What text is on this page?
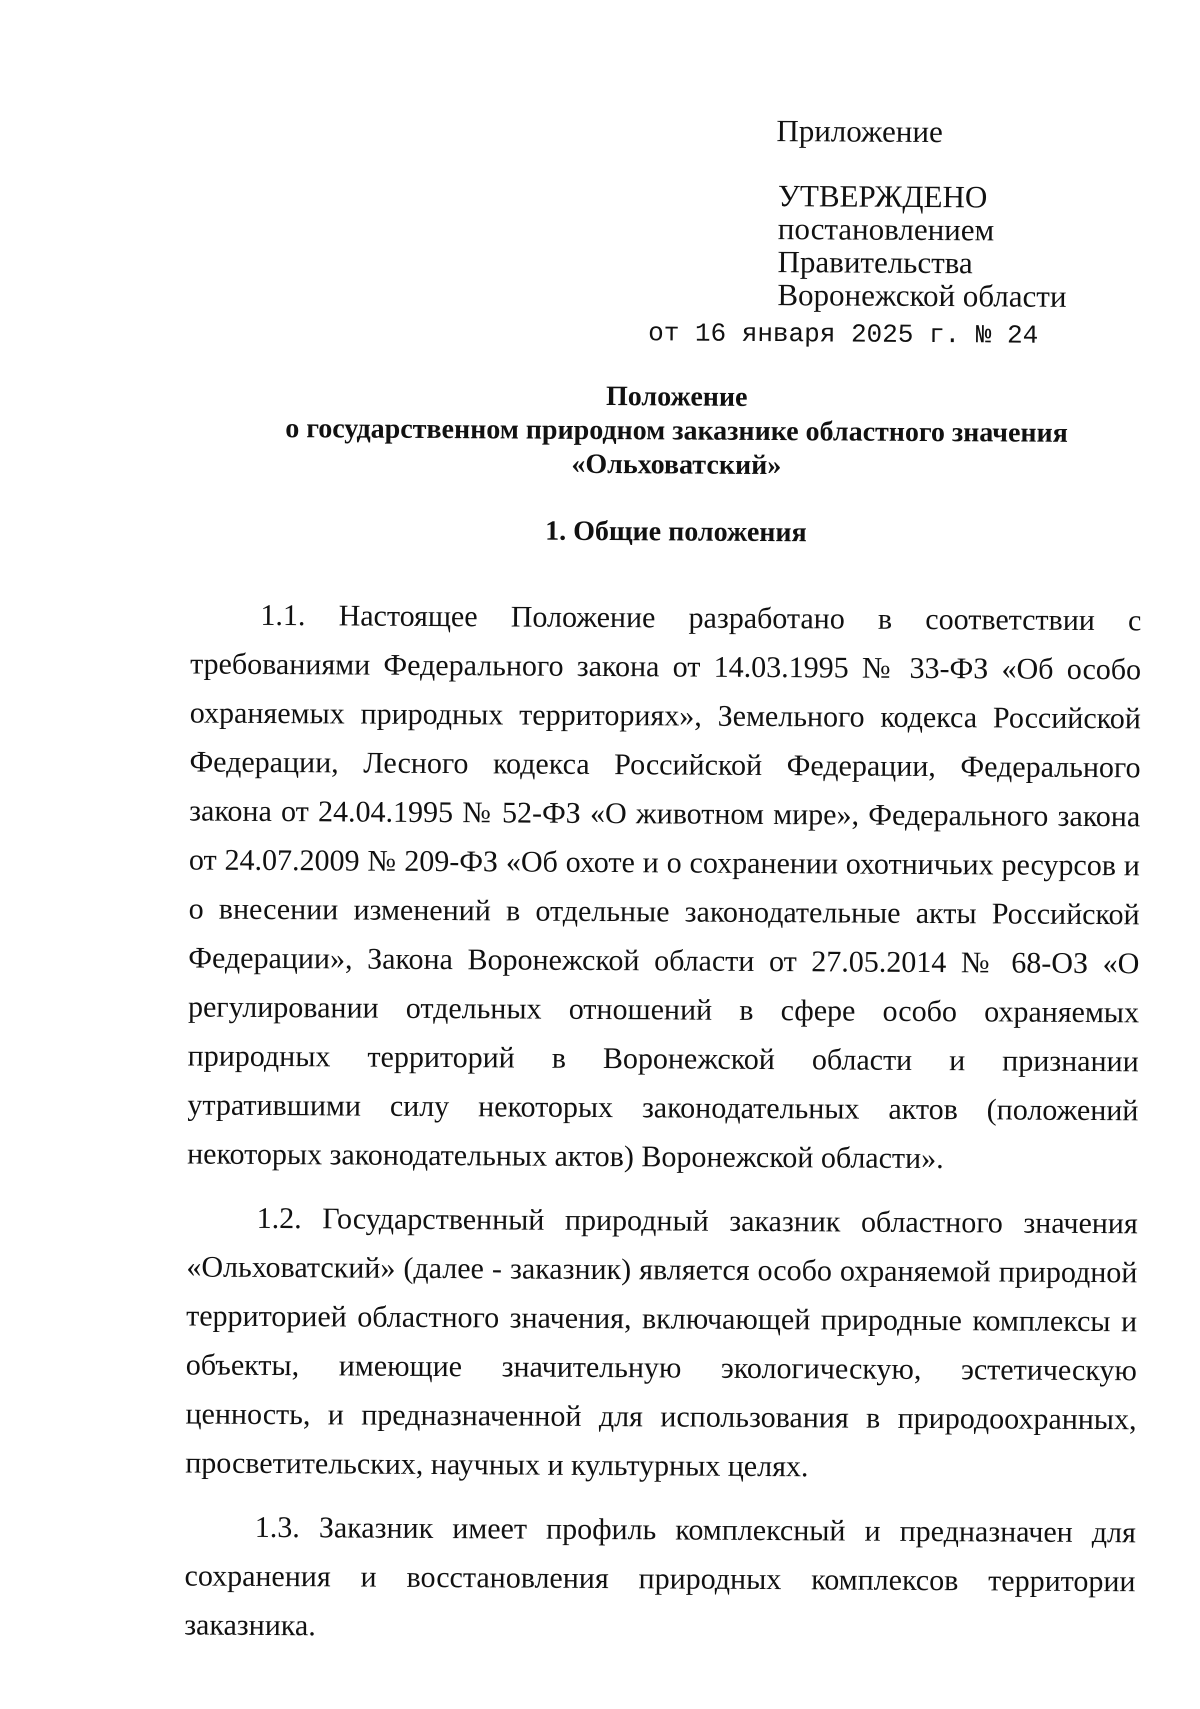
Приложение
УТВЕРЖДЕНО
постановлением
Правительства
Воронежской области
от 16 января 2025 г. № 24
Положение
о государственном природном заказнике областного значения
«Ольховатский»
1. Общие положения

1.1. Настоящее Положение разработано в соответствии с требованиями Федерального закона от 14.03.1995 № 33-ФЗ «Об особо охраняемых природных территориях», Земельного кодекса Российской Федерации, Лесного кодекса Российской Федерации, Федерального закона от 24.04.1995 № 52-ФЗ «О животном мире», Федерального закона от 24.07.2009 № 209-ФЗ «Об охоте и о сохранении охотничьих ресурсов и о внесении изменений в отдельные законодательные акты Российской Федерации», Закона Воронежской области от 27.05.2014 № 68-ОЗ «О регулировании отдельных отношений в сфере особо охраняемых природных территорий в Воронежской области и признании утратившими силу некоторых законодательных актов (положений некоторых законодательных актов) Воронежской области».

1.2. Государственный природный заказник областного значения «Ольховатский» (далее - заказник) является особо охраняемой природной территорией областного значения, включающей природные комплексы и объекты, имеющие значительную экологическую, эстетическую ценность, и предназначенной для использования в природоохранных, просветительских, научных и культурных целях.

1.3. Заказник имеет профиль комплексный и предназначен для сохранения и восстановления природных комплексов территории заказника.
